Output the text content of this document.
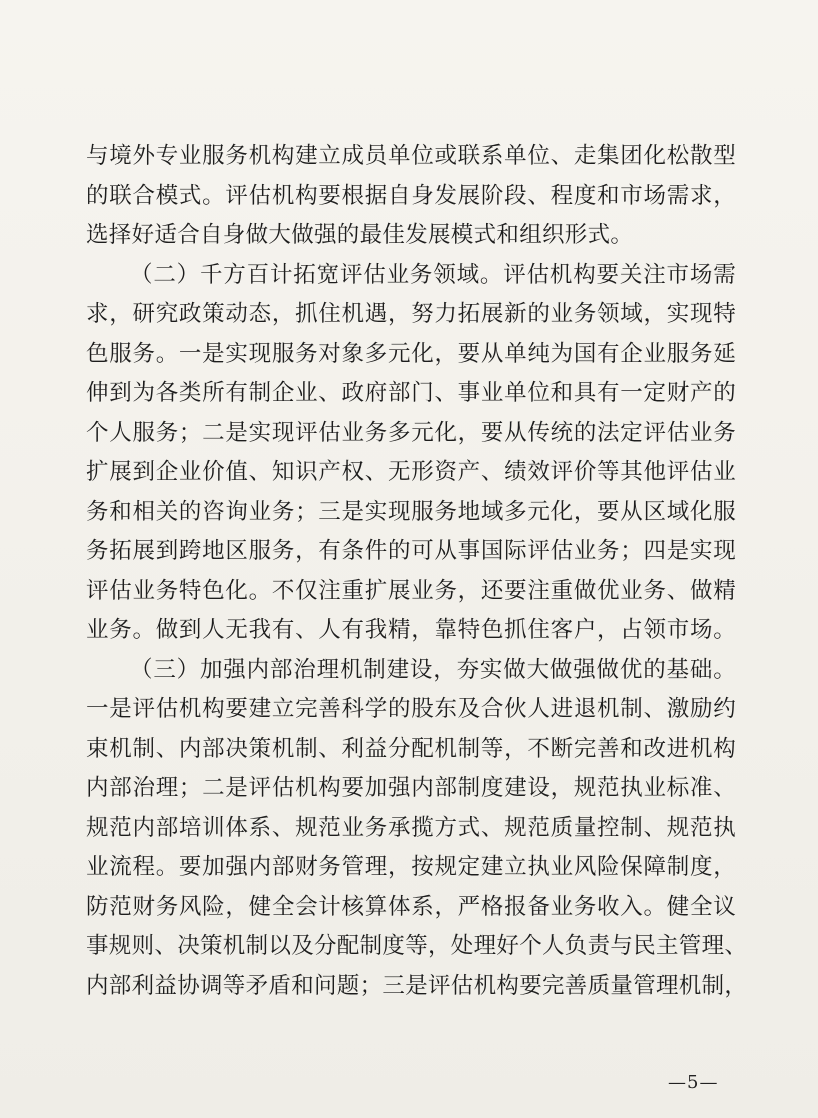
与境外专业服务机构建立成员单位或联系单位、走集团化松散型
的联合模式。评估机构要根据自身发展阶段、程度和市场需求，
选择好适合自身做大做强的最佳发展模式和组织形式。
（二）千方百计拓宽评估业务领域。评估机构要关注市场需
求，研究政策动态，抓住机遇，努力拓展新的业务领域，实现特
色服务。一是实现服务对象多元化，要从单纯为国有企业服务延
伸到为各类所有制企业、政府部门、事业单位和具有一定财产的
个人服务；二是实现评估业务多元化，要从传统的法定评估业务
扩展到企业价值、知识产权、无形资产、绩效评价等其他评估业
务和相关的咨询业务；三是实现服务地域多元化，要从区域化服
务拓展到跨地区服务，有条件的可从事国际评估业务；四是实现
评估业务特色化。不仅注重扩展业务，还要注重做优业务、做精
业务。做到人无我有、人有我精，靠特色抓住客户，占领市场。
（三）加强内部治理机制建设，夯实做大做强做优的基础。
一是评估机构要建立完善科学的股东及合伙人进退机制、激励约
束机制、内部决策机制、利益分配机制等，不断完善和改进机构
内部治理；二是评估机构要加强内部制度建设，规范执业标准、
规范内部培训体系、规范业务承揽方式、规范质量控制、规范执
业流程。要加强内部财务管理，按规定建立执业风险保障制度，
防范财务风险，健全会计核算体系，严格报备业务收入。健全议
事规则、决策机制以及分配制度等，处理好个人负责与民主管理、
内部利益协调等矛盾和问题；三是评估机构要完善质量管理机制，
—5—
